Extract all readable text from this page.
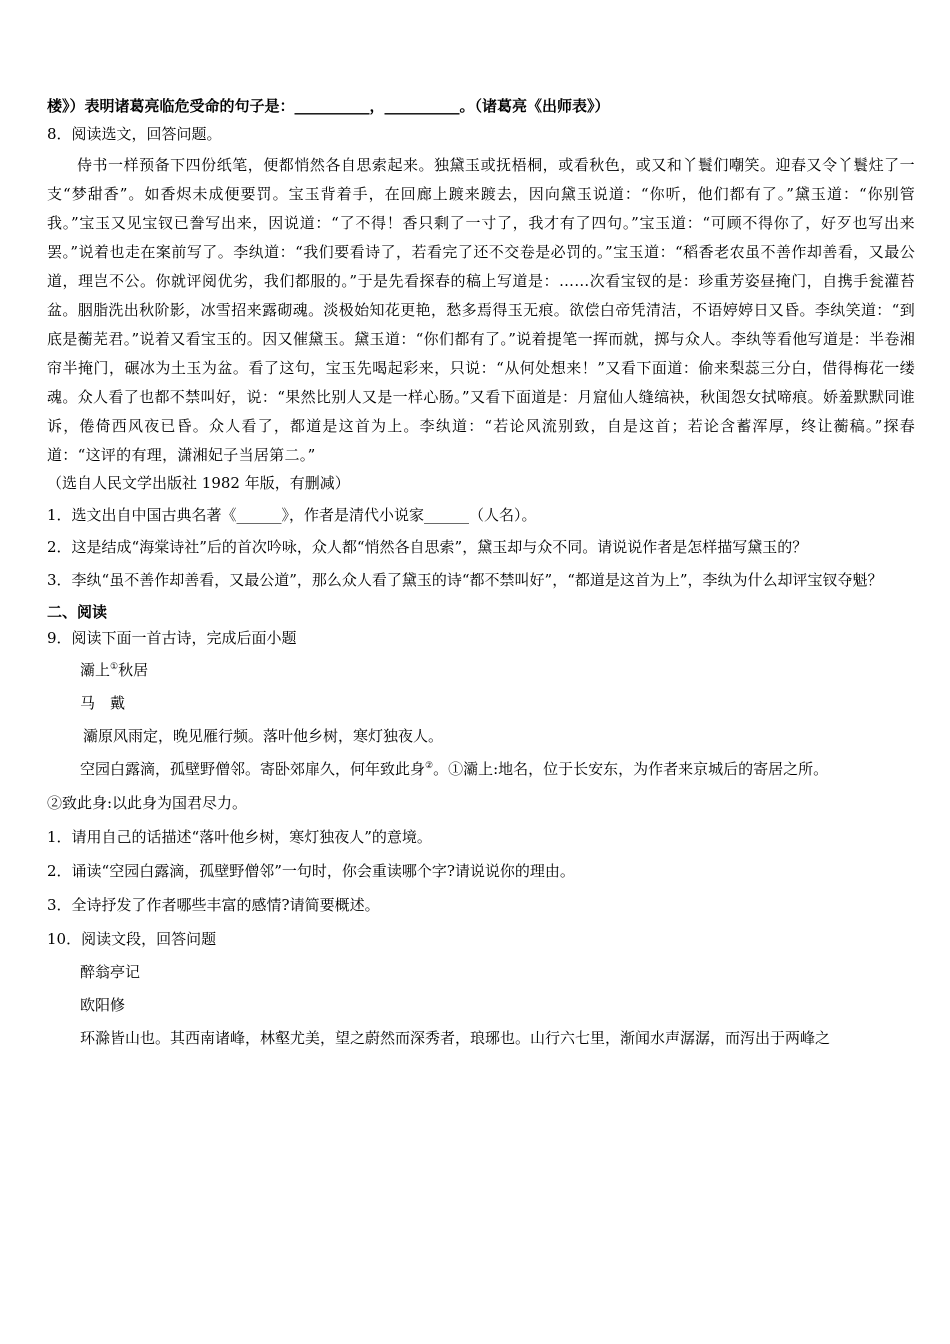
楼》）表明诸葛亮临危受命的句子是：__________，__________。（诸葛亮《出师表》）
8．阅读选文，回答问题。
侍书一样预备下四份纸笔，便都悄然各自思索起来。独黛玉或抚梧桐，或看秋色，或又和丫鬟们嘲笑。迎春又令丫鬟炷了一支“梦甜香”。如香烬未成便要罚。宝玉背着手，在回廊上踱来踱去，因向黛玉说道：“你听，他们都有了。”黛玉道：“你别管我。”宝玉又见宝钗已誊写出来，因说道：“了不得！香只剩了一寸了，我才有了四句。”宝玉道：“可顾不得你了，好歹也写出来罢。”说着也走在案前写了。李纨道：“我们要看诗了，若看完了还不交卷是必罚的。”宝玉道：“稻香老农虽不善作却善看，又最公道，理岂不公。你就评阅优劣，我们都服的。”于是先看探春的稿上写道是：……次看宝钗的是：珍重芳姿昼掩门，自携手瓮灌苔盆。胭脂洗出秋阶影，冰雪招来露砌魂。淡极始知花更艳，愁多焉得玉无痕。欲偿白帝凭清洁，不语婷婷日又昏。李纨笑道：“到底是蘅芜君。”说着又看宝玉的。因又催黛玉。黛玉道：“你们都有了。”说着提笔一挥而就，掷与众人。李纨等看他写道是：半卷湘帘半掩门，碾冰为土玉为盆。看了这句，宝玉先喝起彩来，只说：“从何处想来！”又看下面道：偷来梨蕊三分白，借得梅花一缕魂。众人看了也都不禁叫好，说：“果然比别人又是一样心肠。”又看下面道是：月窟仙人缝缟袂，秋闺怨女拭啼痕。娇羞默默同谁诉，倦倚西风夜已昏。众人看了，都道是这首为上。李纨道：“若论风流别致，自是这首；若论含蓄浑厚，终让蘅稿。”探春道：“这评的有理，潇湘妃子当居第二。”
（选自人民文学出版社 1982 年版，有删减）
1．选文出自中国古典名著《______》，作者是清代小说家______（人名）。
2．这是结成“海棠诗社”后的首次吟咏，众人都“悄然各自思索”，黛玉却与众不同。请说说作者是怎样描写黛玉的？
3．李纨“虽不善作却善看，又最公道”，那么众人看了黛玉的诗“都不禁叫好”，“都道是这首为上”，李纨为什么却评宝钗夺魁？
二、阅读
9．阅读下面一首古诗，完成后面小题
灞上①秋居
马　戴
灞原风雨定，晚见雁行频。落叶他乡树，寒灯独夜人。
空园白露滴，孤壁野僧邻。寄卧郊扉久，何年致此身②。①灞上:地名，位于长安东，为作者来京城后的寄居之所。
②致此身:以此身为国君尽力。
1．请用自己的话描述“落叶他乡树，寒灯独夜人”的意境。
2．诵读“空园白露滴，孤壁野僧邻”一句时，你会重读哪个字?请说说你的理由。
3．全诗抒发了作者哪些丰富的感情?请简要概述。
10．阅读文段，回答问题
醉翁亭记
欧阳修
环滁皆山也。其西南诸峰，林壑尤美，望之蔚然而深秀者，琅琊也。山行六七里，渐闻水声潺潺，而泻出于两峰之
